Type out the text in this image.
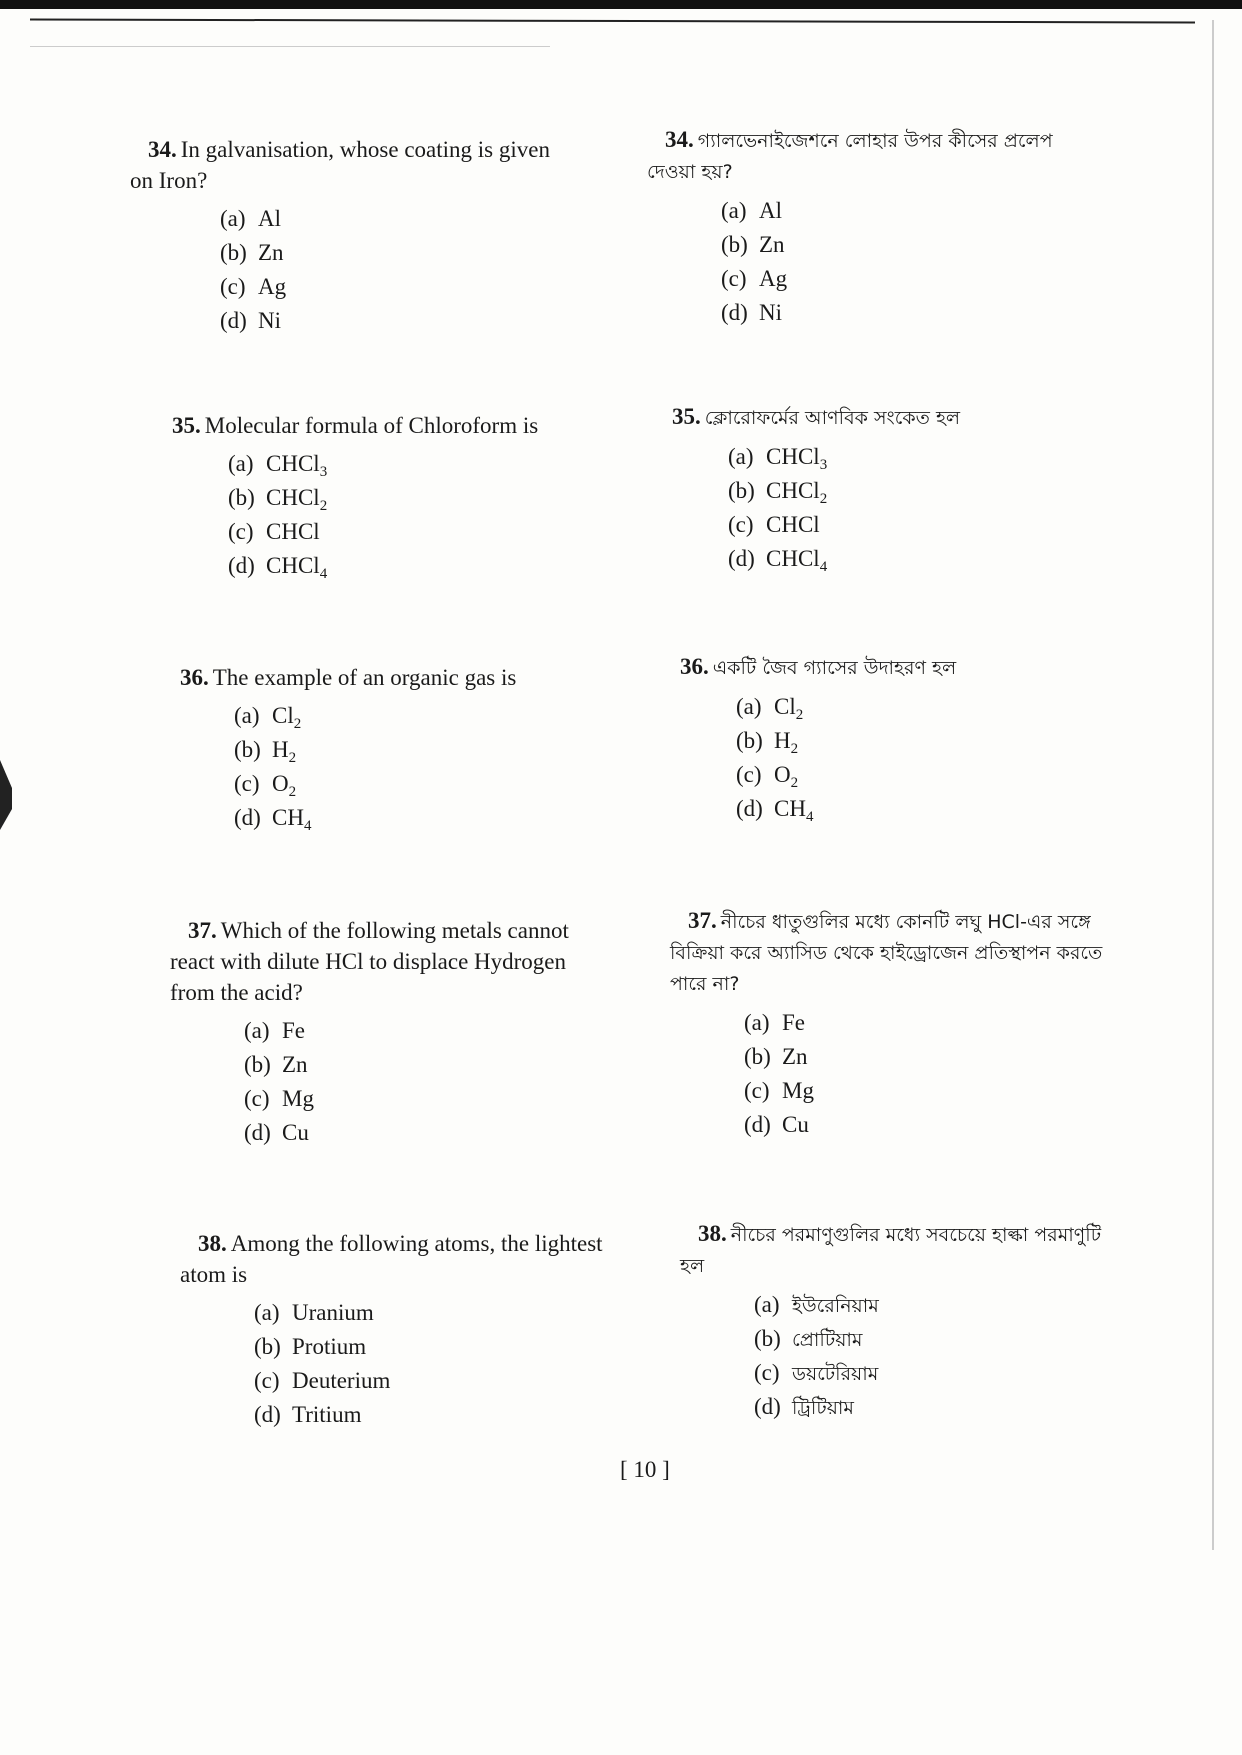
34. In galvanisation, whose coating is given
on Iron?

(a) Al
(b) Zn
(c) Ag
(d) Ni

34. গ্যালভেনাইজেশনে লোহার উপর কীসের প্রলেপ
দেওয়া হয়?

(a) Al
(b) Zn
(c) Ag
(d) Ni

35. Molecular formula of Chloroform is

(a) CHCl$_3$
(b) CHCl$_2$
(c) CHCl
(d) CHCl$_4$

35. ক্লোরোফর্মের আণবিক সংকেত হল

(a) CHCl$_3$
(b) CHCl$_2$
(c) CHCl
(d) CHCl$_4$

36. The example of an organic gas is

(a) $Cl_2$
(b) $H_2$
(c) $O_2$
(d) $CH_4$

36. একটি জৈব গ্যাসের উদাহরণ হল

(a) $Cl_2$
(b) $H_2$
(c) $O_2$
(d) $CH_4$

37. Which of the following metals cannot
react with dilute HCl to displace Hydrogen
from the acid?

(a) Fe
(b) Zn
(c) Mg
(d) Cu

37. নীচের ধাতুগুলির মধ্যে কোনটি লঘু HCl-এর সঙ্গে
বিক্রিয়া করে অ্যাসিড থেকে হাইড্রোজেন প্রতিস্থাপন করতে
পারে না?

(a) Fe
(b) Zn
(c) Mg
(d) Cu

38. Among the following atoms, the lightest
atom is

(a) Uranium
(b) Protium
(c) Deuterium
(d) Tritium

38. নীচের পরমাণুগুলির মধ্যে সবচেয়ে হাল্কা পরমাণুটি
হল

(a) ইউরেনিয়াম
(b) প্রোটিয়াম
(c) ডয়টেরিয়াম
(d) ট্রিটিয়াম
[ 10 ]
